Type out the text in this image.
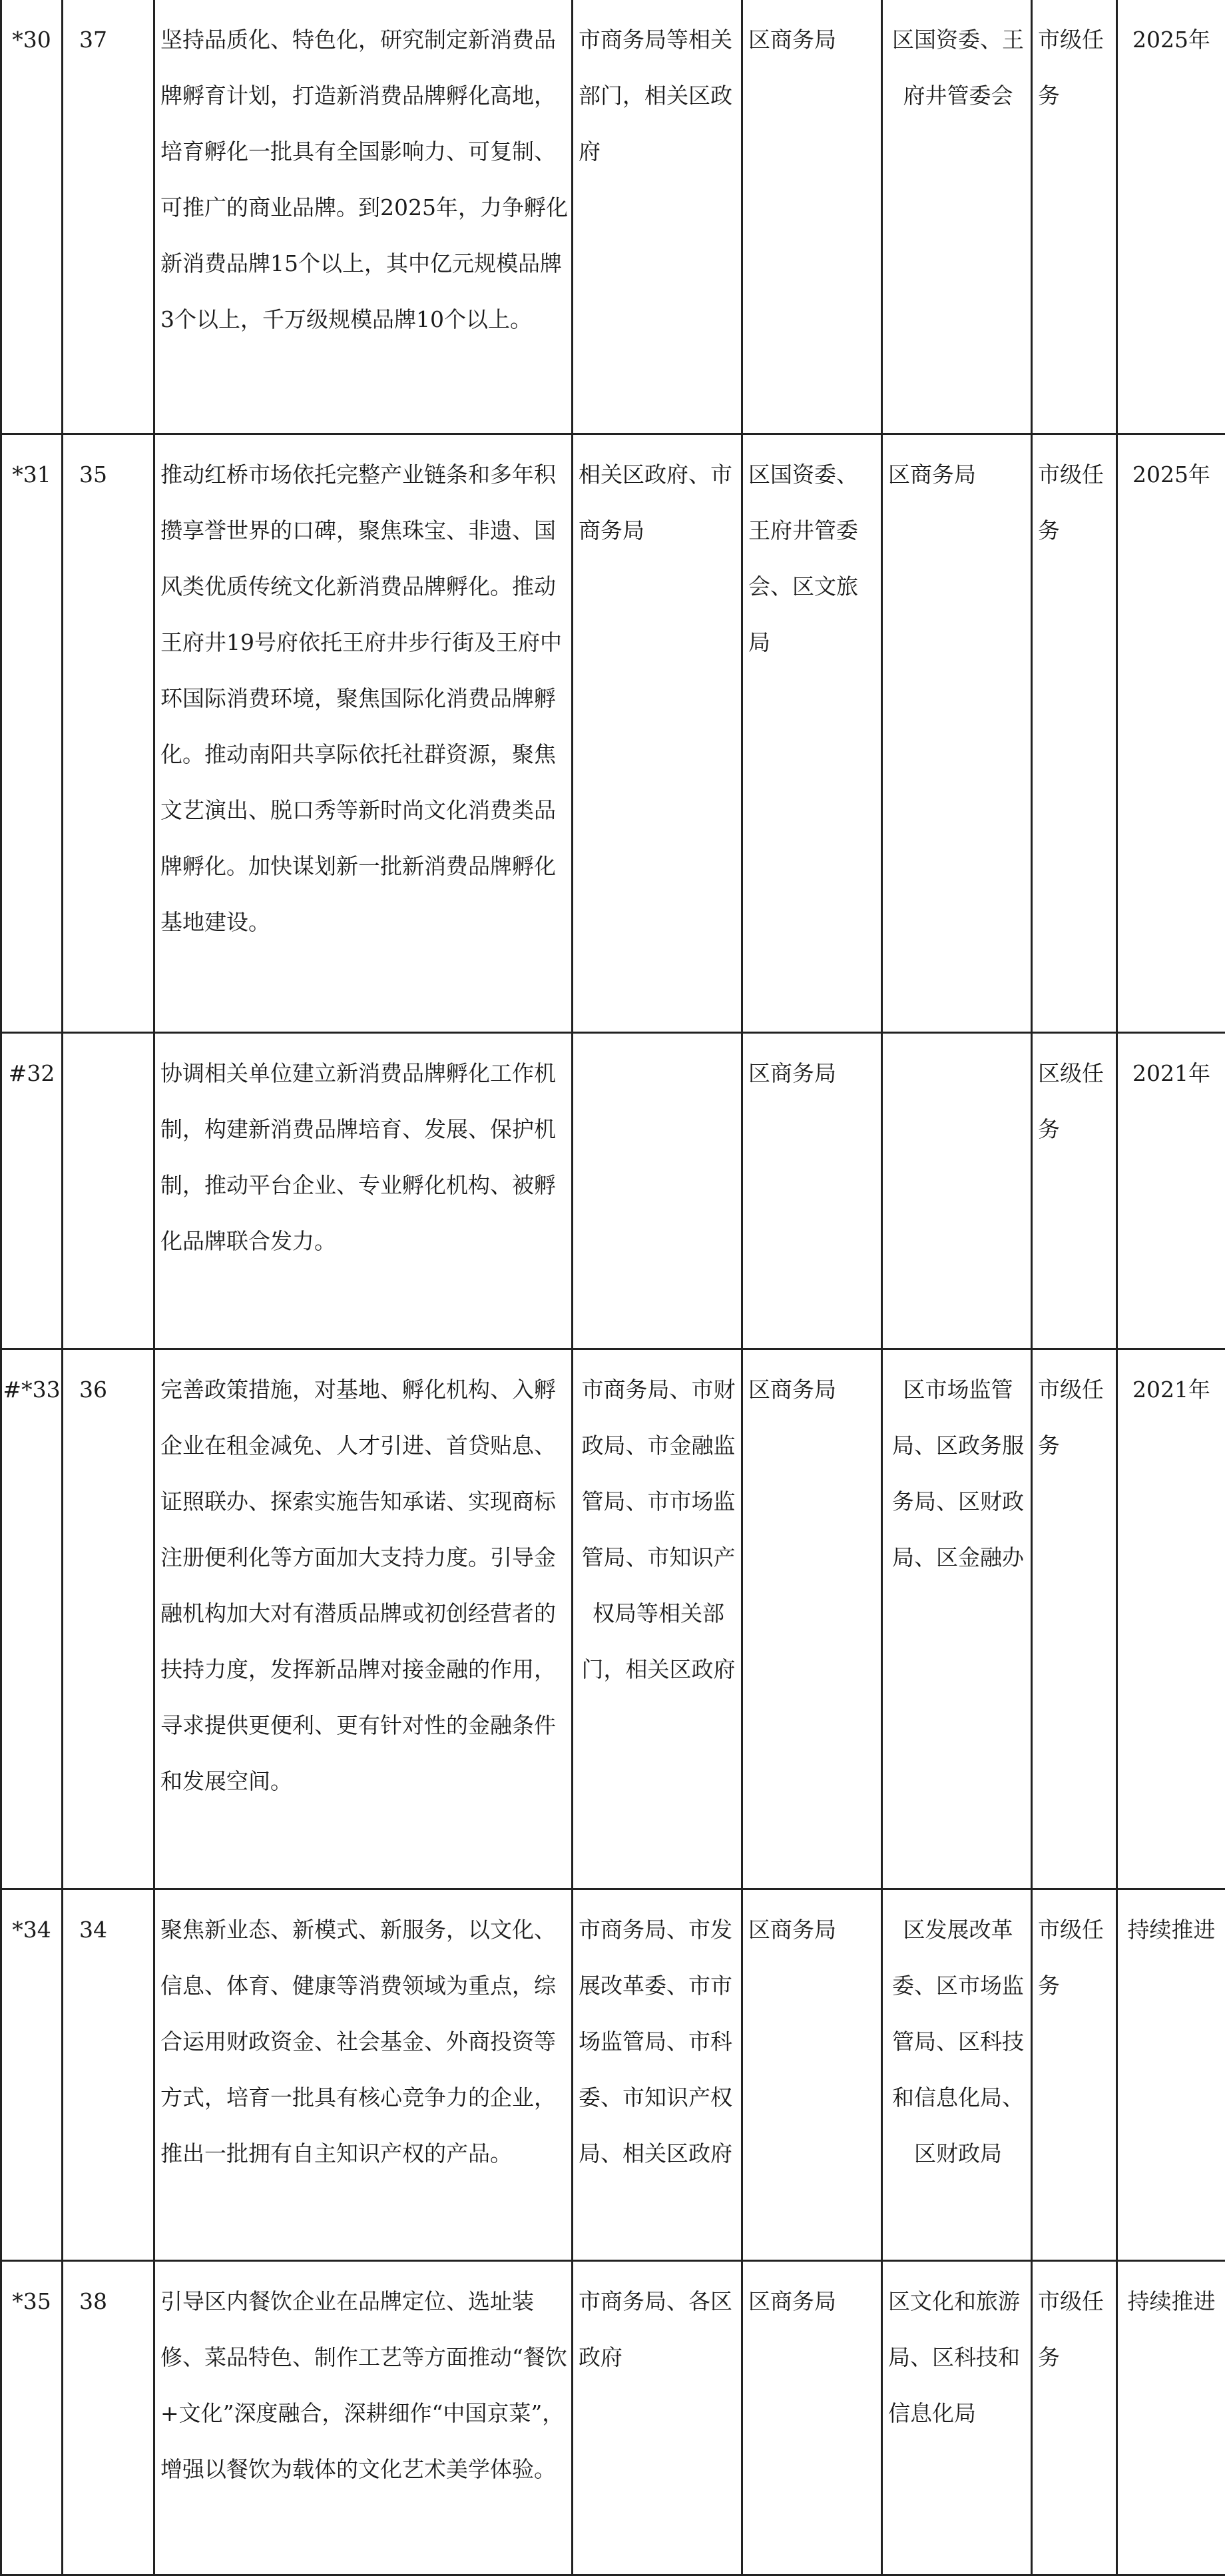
*30	37	坚持品质化、特色化，研究制定新消费品牌孵育计划，打造新消费品牌孵化高地，培育孵化一批具有全国影响力、可复制、可推广的商业品牌。到2025年，力争孵化新消费品牌15个以上，其中亿元规模品牌3个以上，千万级规模品牌10个以上。	市商务局等相关部门，相关区政府	区商务局	区国资委、王府井管委会	市级任务	2025年

*31	35	推动红桥市场依托完整产业链条和多年积攒享誉世界的口碑，聚焦珠宝、非遗、国风类优质传统文化新消费品牌孵化。推动王府井19号府依托王府井步行街及王府中环国际消费环境，聚焦国际化消费品牌孵化。推动南阳共享际依托社群资源，聚焦文艺演出、脱口秀等新时尚文化消费类品牌孵化。加快谋划新一批新消费品牌孵化基地建设。	相关区政府、市商务局	区国资委、王府井管委会、区文旅局	区商务局	市级任务	2025年

#32		协调相关单位建立新消费品牌孵化工作机制，构建新消费品牌培育、发展、保护机制，推动平台企业、专业孵化机构、被孵化品牌联合发力。		区商务局		区级任务	2021年

#*33	36	完善政策措施，对基地、孵化机构、入孵企业在租金减免、人才引进、首贷贴息、证照联办、探索实施告知承诺、实现商标注册便利化等方面加大支持力度。引导金融机构加大对有潜质品牌或初创经营者的扶持力度，发挥新品牌对接金融的作用，寻求提供更便利、更有针对性的金融条件和发展空间。	市商务局、市财政局、市金融监管局、市市场监管局、市知识产权局等相关部门，相关区政府	区商务局	区市场监管局、区政务服务局、区财政局、区金融办	市级任务	2021年

*34	34	聚焦新业态、新模式、新服务，以文化、信息、体育、健康等消费领域为重点，综合运用财政资金、社会基金、外商投资等方式，培育一批具有核心竞争力的企业，推出一批拥有自主知识产权的产品。	市商务局、市发展改革委、市市场监管局、市科委、市知识产权局、相关区政府	区商务局	区发展改革委、区市场监管局、区科技和信息化局、区财政局	市级任务	持续推进

*35	38	引导区内餐饮企业在品牌定位、选址装修、菜品特色、制作工艺等方面推动“餐饮+文化”深度融合，深耕细作“中国京菜”，增强以餐饮为载体的文化艺术美学体验。	市商务局、各区政府	区商务局	区文化和旅游局、区科技和信息化局	市级任务	持续推进
